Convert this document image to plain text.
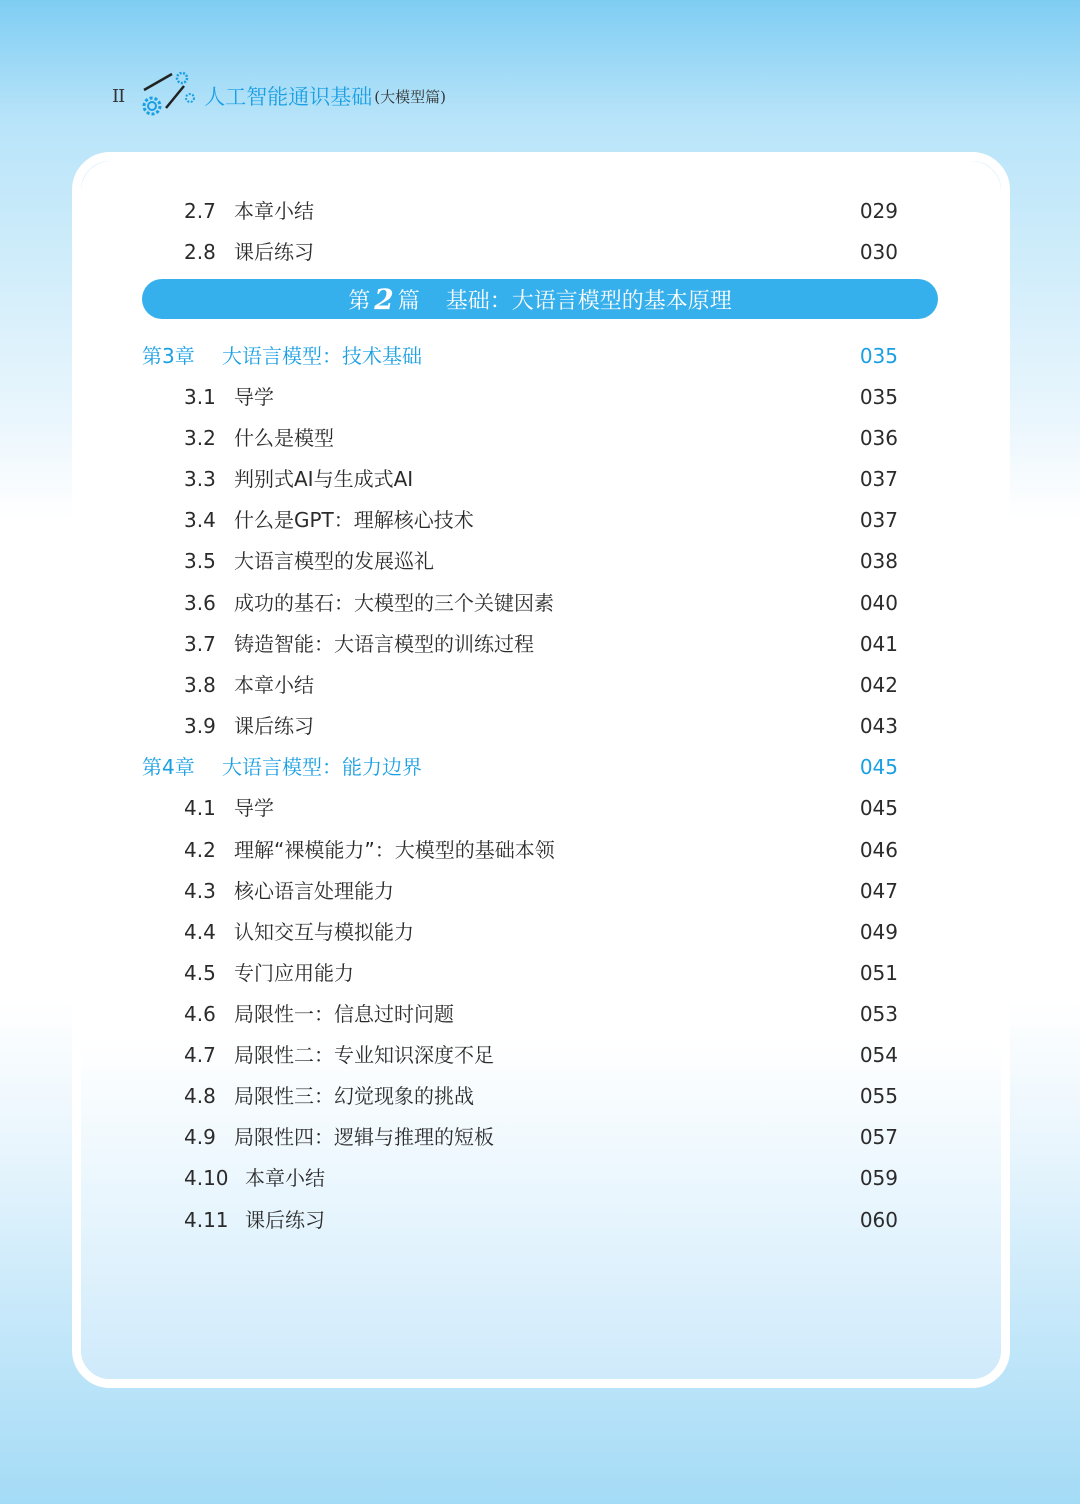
II	人工智能通识基础 (大模型篇)
2.7 本章小结	029
2.8 课后练习	030
第 2 篇 基础：大语言模型的基本原理
第3章 大语言模型：技术基础	035
3.1 导学	035
3.2 什么是模型	036
3.3 判别式AI与生成式AI	037
3.4 什么是GPT：理解核心技术	037
3.5 大语言模型的发展巡礼	038
3.6 成功的基石：大模型的三个关键因素	040
3.7 铸造智能：大语言模型的训练过程	041
3.8 本章小结	042
3.9 课后练习	043
第4章 大语言模型：能力边界	045
4.1 导学	045
4.2 理解“裸模能力”：大模型的基础本领	046
4.3 核心语言处理能力	047
4.4 认知交互与模拟能力	049
4.5 专门应用能力	051
4.6 局限性一：信息过时问题	053
4.7 局限性二：专业知识深度不足	054
4.8 局限性三：幻觉现象的挑战	055
4.9 局限性四：逻辑与推理的短板	057
4.10 本章小结	059
4.11 课后练习	060
